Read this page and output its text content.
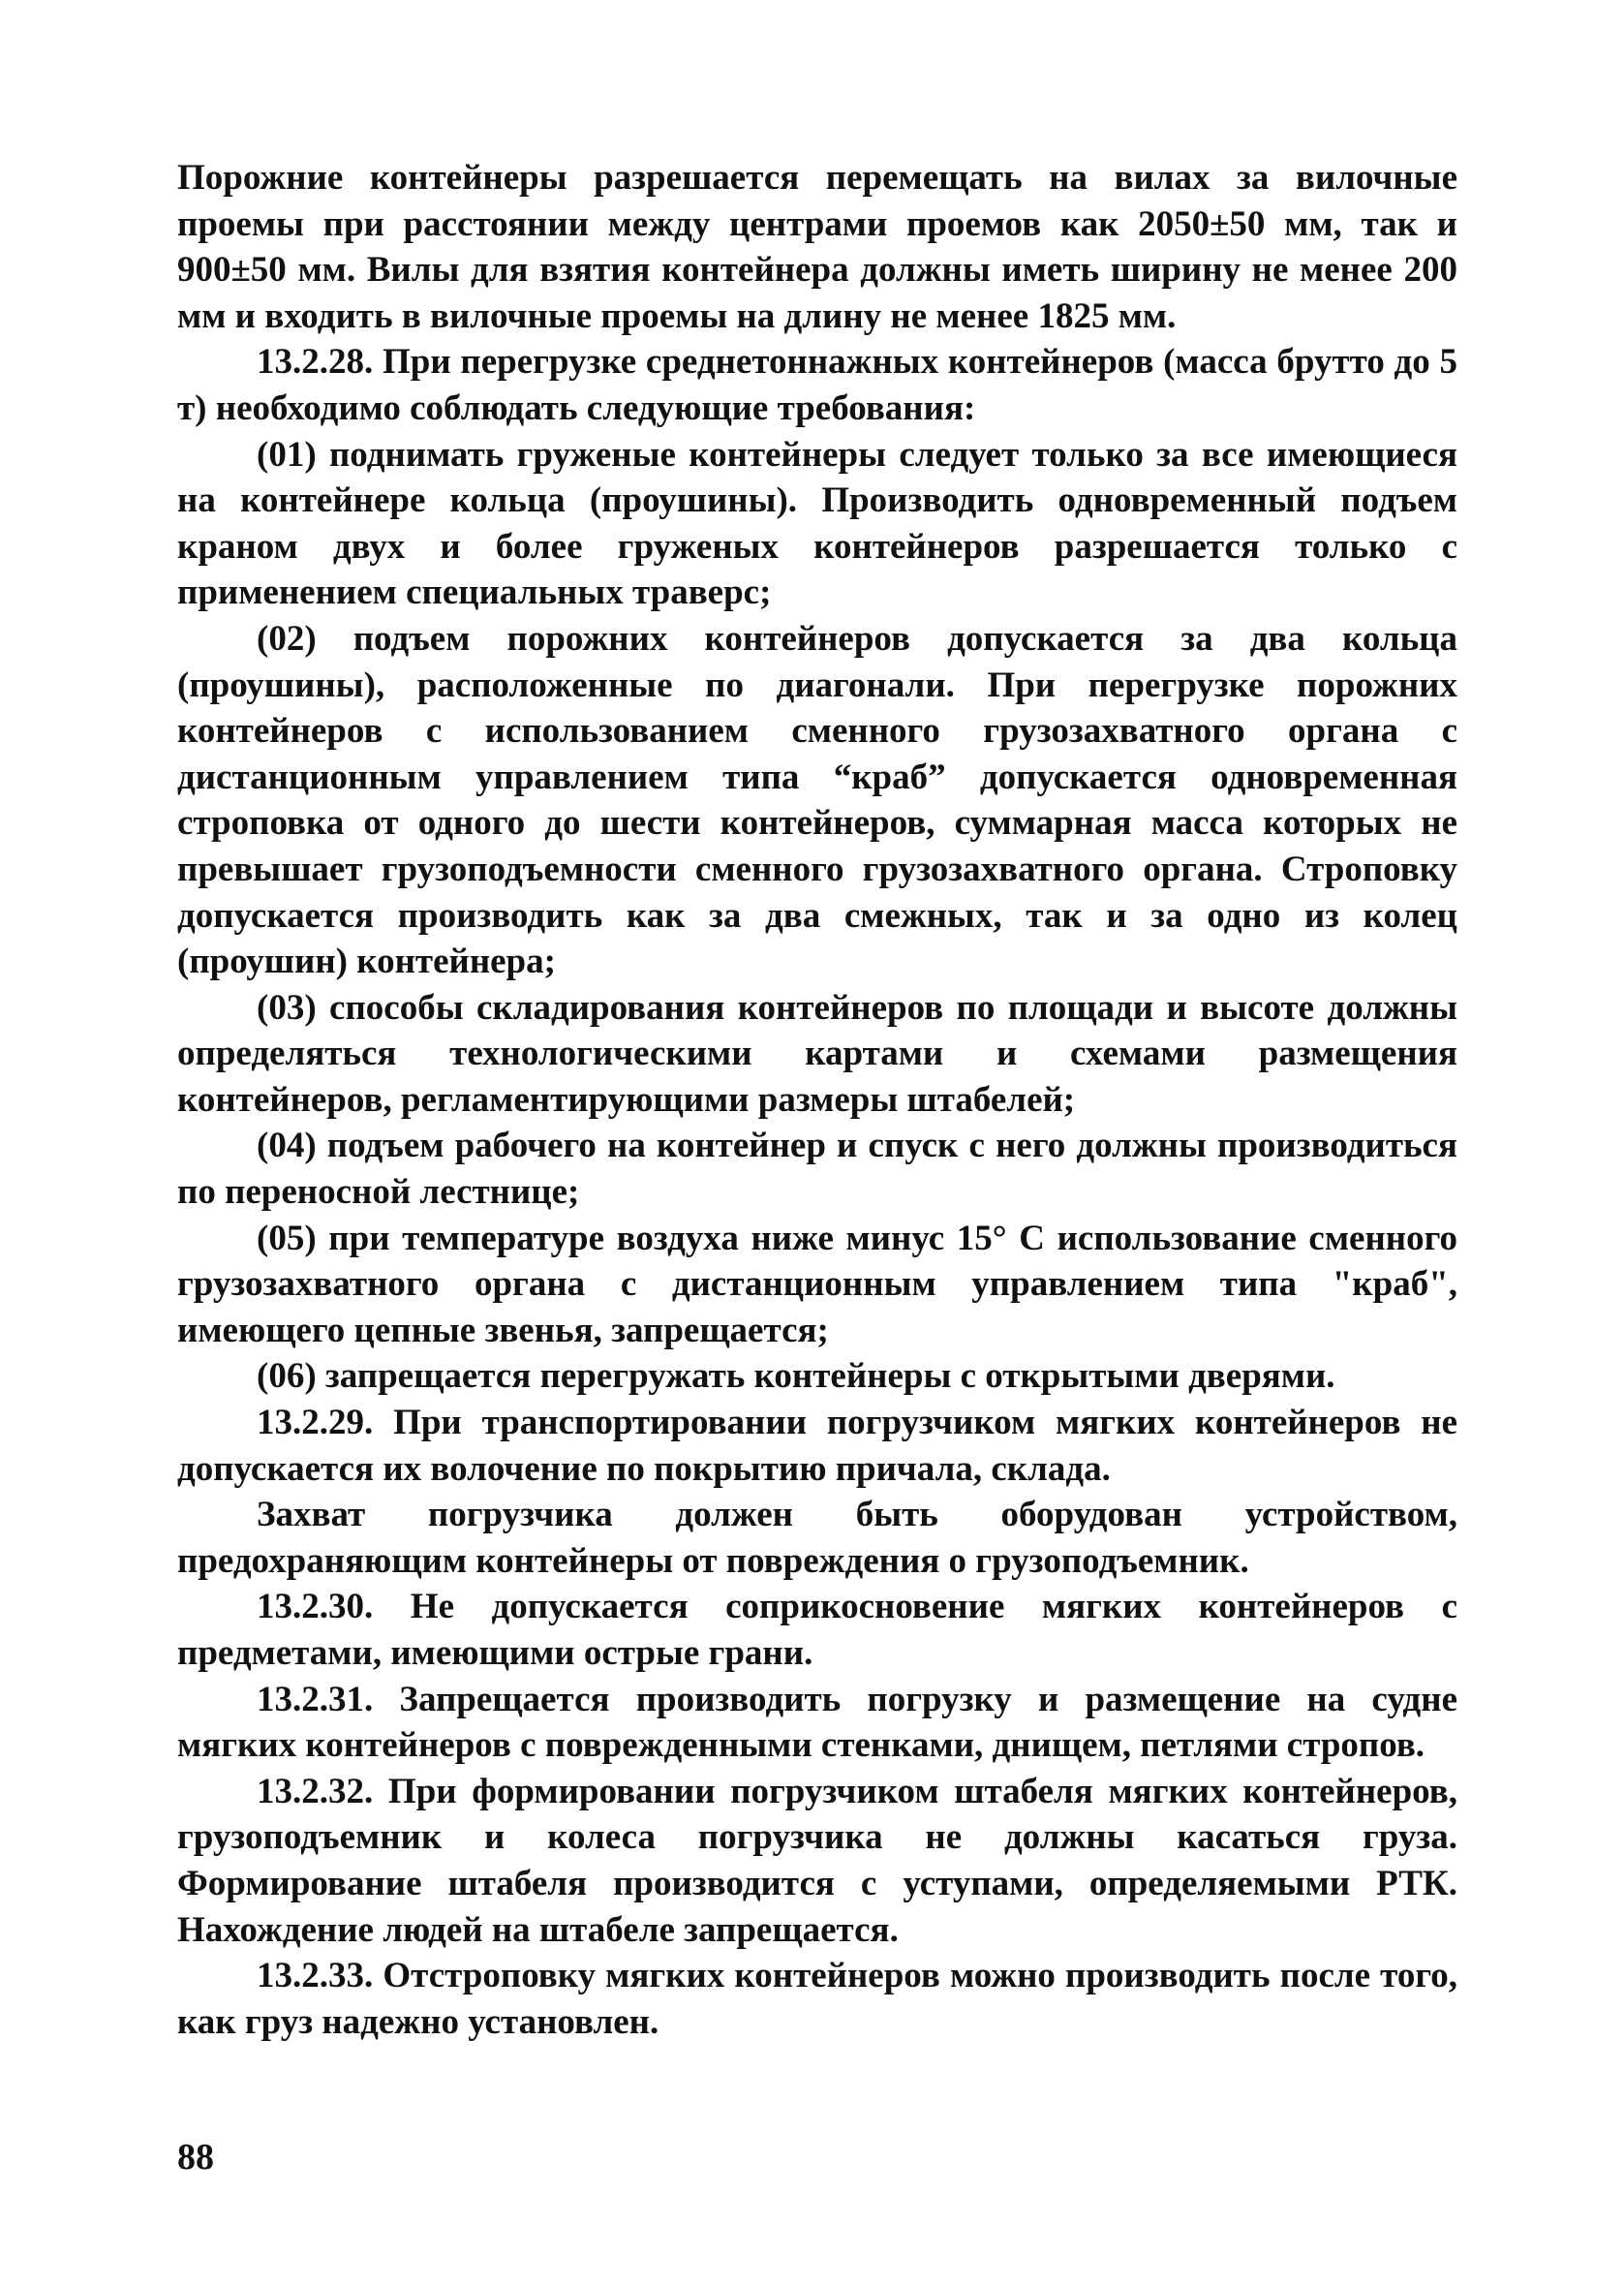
Порожние контейнеры разрешается перемещать на вилах за вилочные проемы при расстоянии между центрами проемов как 2050±50 мм, так и 900±50 мм. Вилы для взятия контейнера должны иметь ширину не менее 200 мм и входить в вилочные проемы на длину не менее 1825 мм.

13.2.28. При перегрузке среднетоннажных контейнеров (масса брутто до 5 т) необходимо соблюдать следующие требования:

(01) поднимать груженые контейнеры следует только за все имеющиеся на контейнере кольца (проушины). Производить одновременный подъем краном двух и более груженых контейнеров разрешается только с применением специальных траверс;

(02) подъем порожних контейнеров допускается за два кольца (проушины), расположенные по диагонали. При перегрузке порожних контейнеров с использованием сменного грузозахватного органа с дистанционным управлением типа “краб” допускается одновременная строповка от одного до шести контейнеров, суммарная масса которых не превышает грузоподъемности сменного грузозахватного органа. Строповку допускается производить как за два смежных, так и за одно из колец (проушин) контейнера;

(03) способы складирования контейнеров по площади и высоте должны определяться технологическими картами и схемами размещения контейнеров, регламентирующими размеры штабелей;

(04) подъем рабочего на контейнер и спуск с него должны производиться по переносной лестнице;

(05) при температуре воздуха ниже минус 15° С использование сменного грузозахватного органа с дистанционным управлением типа "краб", имеющего цепные звенья, запрещается;

(06) запрещается перегружать контейнеры с открытыми дверями.

13.2.29. При транспортировании погрузчиком мягких контейнеров не допускается их волочение по покрытию причала, склада.

Захват погрузчика должен быть оборудован устройством, предохраняющим контейнеры от повреждения о грузоподъемник.

13.2.30. Не допускается соприкосновение мягких контейнеров с предметами, имеющими острые грани.

13.2.31. Запрещается производить погрузку и размещение на судне мягких контейнеров с поврежденными стенками, днищем, петлями стропов.

13.2.32. При формировании погрузчиком штабеля мягких контейнеров, грузоподъемник и колеса погрузчика не должны касаться груза. Формирование штабеля производится с уступами, определяемыми РТК. Нахождение людей на штабеле запрещается.

13.2.33. Отстроповку мягких контейнеров можно производить после того, как груз надежно установлен.

88
